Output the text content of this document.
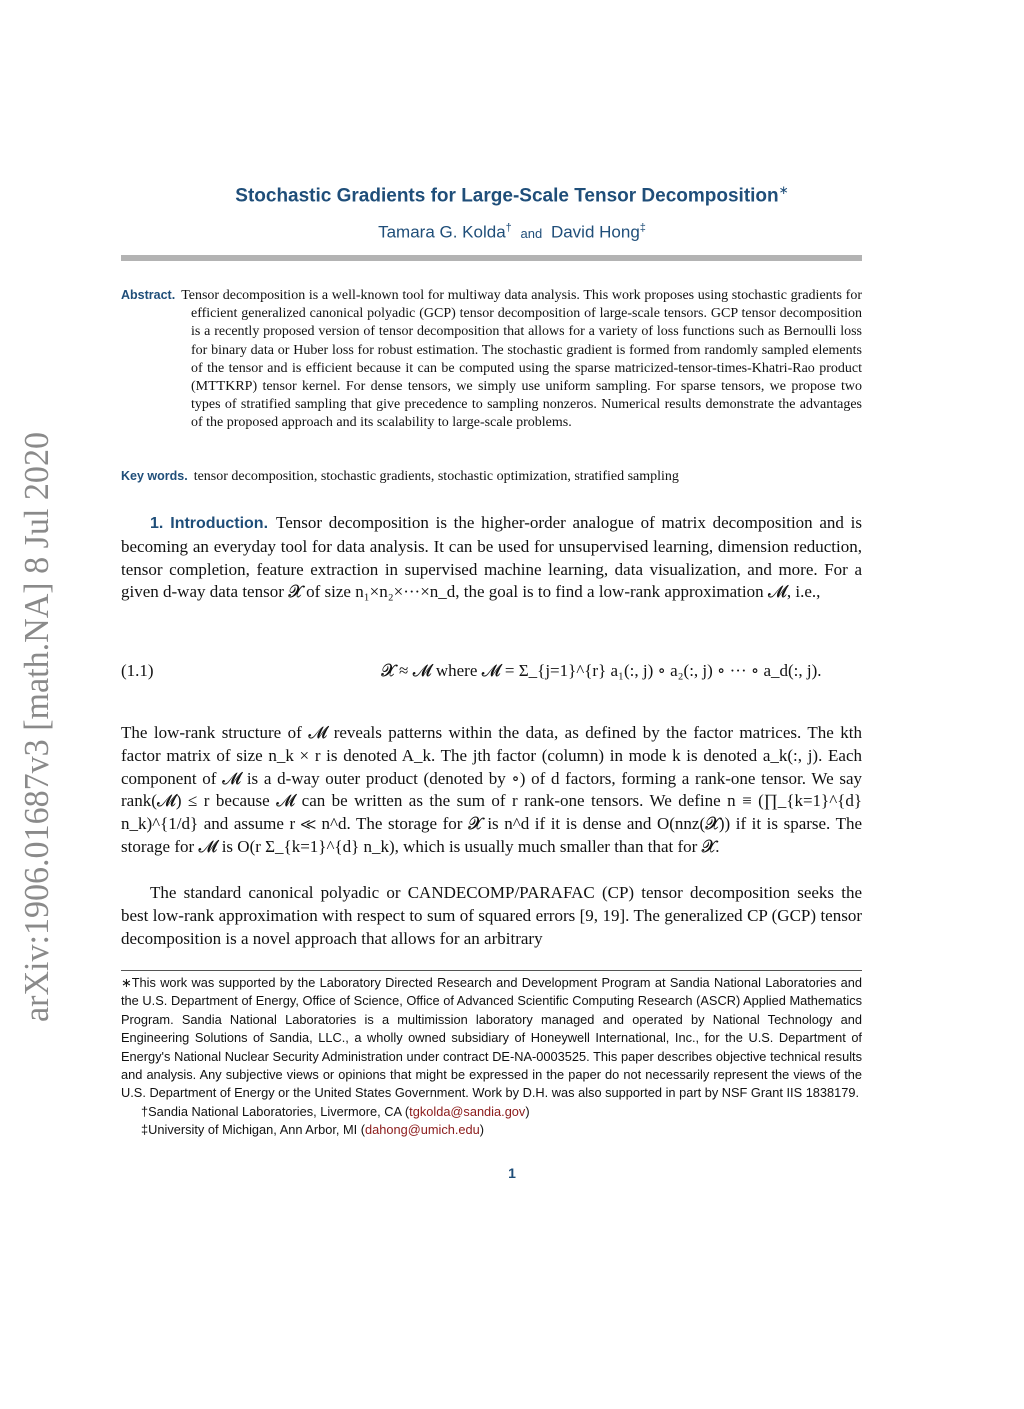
arXiv:1906.01687v3 [math.NA] 8 Jul 2020
Stochastic Gradients for Large-Scale Tensor Decomposition∗
Tamara G. Kolda† and David Hong‡
Abstract. Tensor decomposition is a well-known tool for multiway data analysis. This work proposes using stochastic gradients for efficient generalized canonical polyadic (GCP) tensor decomposition of large-scale tensors. GCP tensor decomposition is a recently proposed version of tensor decomposition that allows for a variety of loss functions such as Bernoulli loss for binary data or Huber loss for robust estimation. The stochastic gradient is formed from randomly sampled elements of the tensor and is efficient because it can be computed using the sparse matricized-tensor-times-Khatri-Rao product (MTTKRP) tensor kernel. For dense tensors, we simply use uniform sampling. For sparse tensors, we propose two types of stratified sampling that give precedence to sampling nonzeros. Numerical results demonstrate the advantages of the proposed approach and its scalability to large-scale problems.
Key words. tensor decomposition, stochastic gradients, stochastic optimization, stratified sampling
1. Introduction. Tensor decomposition is the higher-order analogue of matrix decomposition and is becoming an everyday tool for data analysis. It can be used for unsupervised learning, dimension reduction, tensor completion, feature extraction in supervised machine learning, data visualization, and more. For a given d-way data tensor 𝓧 of size n₁×n₂×···×n_d, the goal is to find a low-rank approximation 𝓜, i.e.,
(1.1)	𝓧 ≈ 𝓜 where 𝓜 = Σ_{j=1}^{r} a₁(:, j) ∘ a₂(:, j) ∘ ··· ∘ a_d(:, j).
The low-rank structure of 𝓜 reveals patterns within the data, as defined by the factor matrices. The kth factor matrix of size n_k × r is denoted A_k. The jth factor (column) in mode k is denoted a_k(:, j). Each component of 𝓜 is a d-way outer product (denoted by ∘) of d factors, forming a rank-one tensor. We say rank(𝓜) ≤ r because 𝓜 can be written as the sum of r rank-one tensors. We define n ≡ (∏_{k=1}^{d} n_k)^{1/d} and assume r ≪ n^d. The storage for 𝓧 is n^d if it is dense and O(nnz(𝓧)) if it is sparse. The storage for 𝓜 is O(r Σ_{k=1}^{d} n_k), which is usually much smaller than that for 𝓧.
The standard canonical polyadic or CANDECOMP/PARAFAC (CP) tensor decomposition seeks the best low-rank approximation with respect to sum of squared errors [9, 19]. The generalized CP (GCP) tensor decomposition is a novel approach that allows for an arbitrary

∗This work was supported by the Laboratory Directed Research and Development Program at Sandia National Laboratories and the U.S. Department of Energy, Office of Science, Office of Advanced Scientific Computing Research (ASCR) Applied Mathematics Program. Sandia National Laboratories is a multimission laboratory managed and operated by National Technology and Engineering Solutions of Sandia, LLC., a wholly owned subsidiary of Honeywell International, Inc., for the U.S. Department of Energy's National Nuclear Security Administration under contract DE-NA-0003525. This paper describes objective technical results and analysis. Any subjective views or opinions that might be expressed in the paper do not necessarily represent the views of the U.S. Department of Energy or the United States Government. Work by D.H. was also supported in part by NSF Grant IIS 1838179.

†Sandia National Laboratories, Livermore, CA (tgkolda@sandia.gov)

‡University of Michigan, Ann Arbor, MI (dahong@umich.edu)

1
